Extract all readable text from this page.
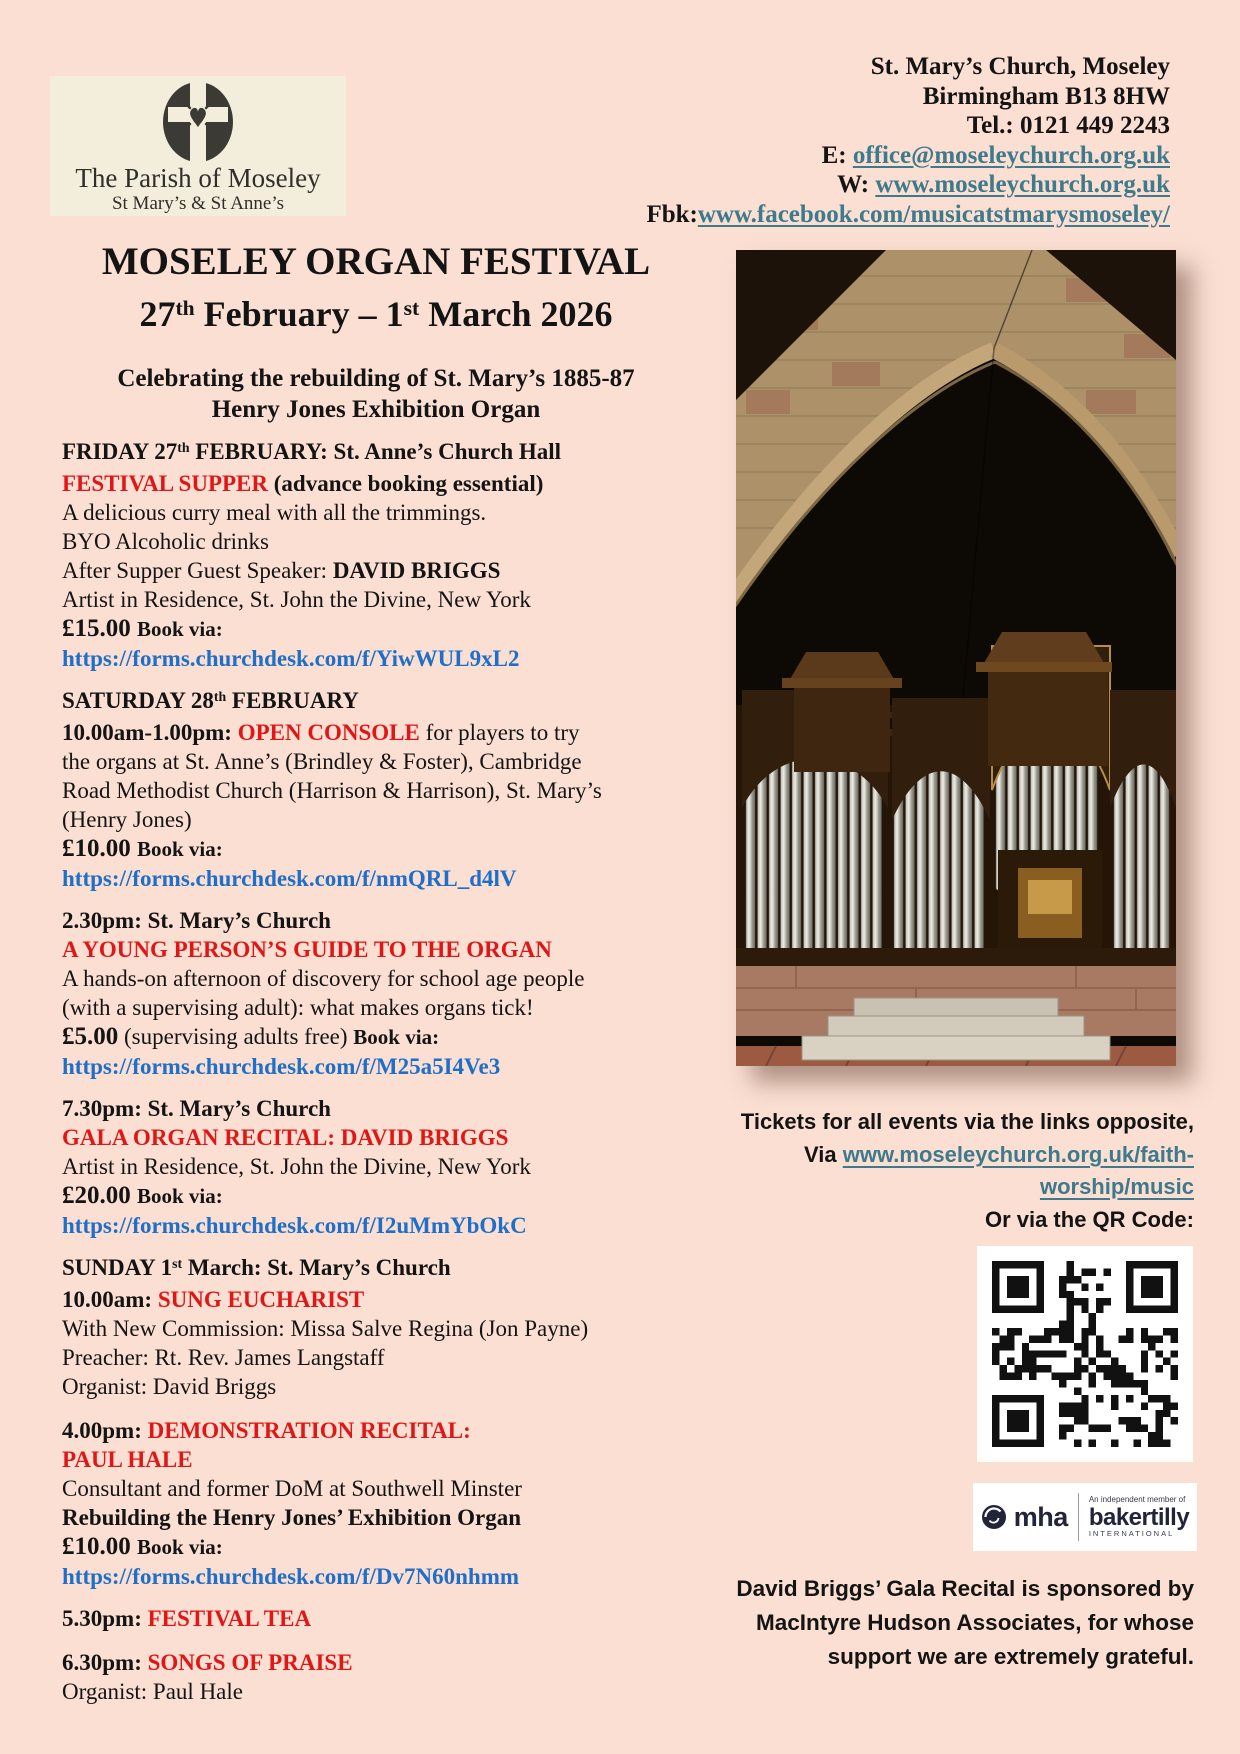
The Parish of Moseley
St Mary’s & St Anne’s
St. Mary’s Church, Moseley
Birmingham B13 8HW
Tel.: 0121 449 2243
E: office@moseleychurch.org.uk
W: www.moseleychurch.org.uk
Fbk:www.facebook.com/musicatstmarysmoseley/
MOSELEY ORGAN FESTIVAL
27th February – 1st March 2026
Celebrating the rebuilding of St. Mary’s 1885-87
Henry Jones Exhibition Organ
FRIDAY 27th FEBRUARY: St. Anne’s Church Hall
FESTIVAL SUPPER (advance booking essential)
A delicious curry meal with all the trimmings.
BYO Alcoholic drinks
After Supper Guest Speaker: DAVID BRIGGS
Artist in Residence, St. John the Divine, New York
£15.00 Book via:
https://forms.churchdesk.com/f/YiwWUL9xL2
SATURDAY 28th FEBRUARY
10.00am-1.00pm: OPEN CONSOLE for players to try
the organs at St. Anne’s (Brindley & Foster), Cambridge
Road Methodist Church (Harrison & Harrison), St. Mary’s
(Henry Jones)
£10.00 Book via:
https://forms.churchdesk.com/f/nmQRL_d4lV
2.30pm: St. Mary’s Church
A YOUNG PERSON’S GUIDE TO THE ORGAN
A hands-on afternoon of discovery for school age people
(with a supervising adult): what makes organs tick!
£5.00 (supervising adults free) Book via:
https://forms.churchdesk.com/f/M25a5I4Ve3
7.30pm: St. Mary’s Church
GALA ORGAN RECITAL: DAVID BRIGGS
Artist in Residence, St. John the Divine, New York
£20.00 Book via:
https://forms.churchdesk.com/f/I2uMmYbOkC
SUNDAY 1st March: St. Mary’s Church
10.00am: SUNG EUCHARIST
With New Commission: Missa Salve Regina (Jon Payne)
Preacher: Rt. Rev. James Langstaff
Organist: David Briggs
4.00pm: DEMONSTRATION RECITAL:
PAUL HALE
Consultant and former DoM at Southwell Minster
Rebuilding the Henry Jones’ Exhibition Organ
£10.00 Book via:
https://forms.churchdesk.com/f/Dv7N60nhmm
5.30pm: FESTIVAL TEA
6.30pm: SONGS OF PRAISE
Organist: Paul Hale
Tickets for all events via the links opposite,
Via www.moseleychurch.org.uk/faith-
worship/music
Or via the QR Code:
mha
An independent member of
bakertilly
INTERNATIONAL
David Briggs’ Gala Recital is sponsored by
MacIntyre Hudson Associates, for whose
support we are extremely grateful.
